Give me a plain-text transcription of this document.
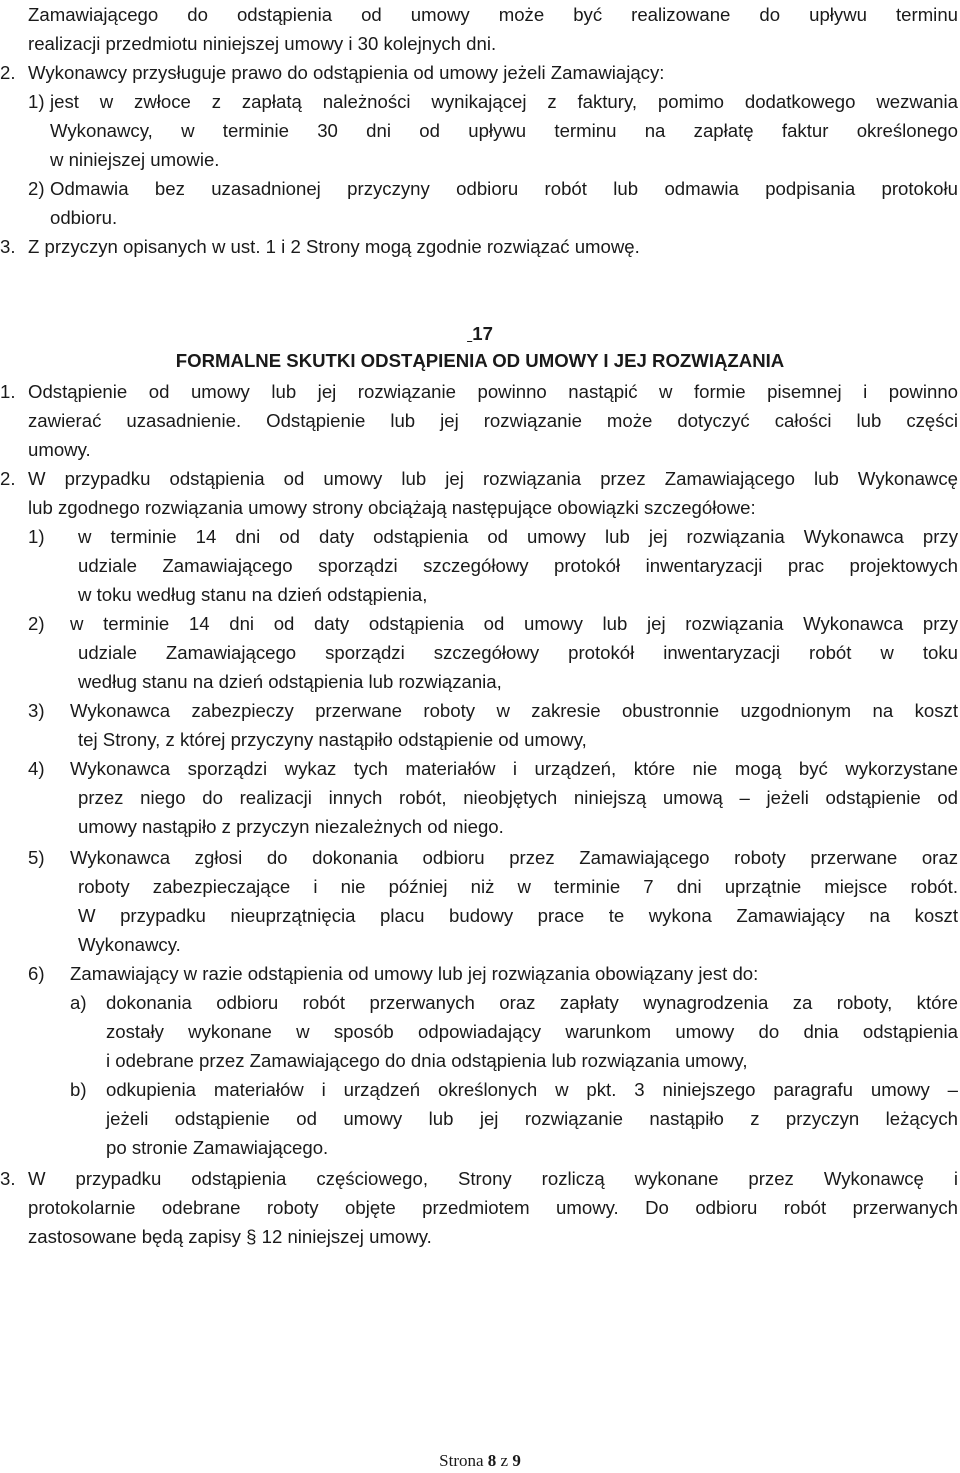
Zamawiającego do odstąpienia od umowy może być realizowane do upływu terminu
realizacji przedmiotu niniejszej umowy i 30 kolejnych dni.
2. Wykonawcy przysługuje prawo do odstąpienia od umowy jeżeli Zamawiający:
1) jest w zwłoce z zapłatą należności wynikającej z faktury, pomimo dodatkowego wezwania
Wykonawcy, w terminie 30 dni od upływu terminu na zapłatę faktur określonego
w niniejszej umowie.
2) Odmawia bez uzasadnionej przyczyny odbioru robót lub odmawia podpisania protokołu
odbioru.
3. Z przyczyn opisanych w ust. 1 i 2 Strony mogą zgodnie rozwiązać umowę.
17
FORMALNE SKUTKI ODSTĄPIENIA OD UMOWY I JEJ ROZWIĄZANIA
1. Odstąpienie od umowy lub jej rozwiązanie powinno nastąpić w formie pisemnej i powinno
zawierać uzasadnienie. Odstąpienie lub jej rozwiązanie może dotyczyć całości lub części
umowy.
2. W przypadku odstąpienia od umowy lub jej rozwiązania przez Zamawiającego lub Wykonawcę
lub zgodnego rozwiązania umowy strony obciążają następujące obowiązki szczegółowe:
1) w terminie 14 dni od daty odstąpienia od umowy lub jej rozwiązania Wykonawca przy
udziale Zamawiającego sporządzi szczegółowy protokół inwentaryzacji prac projektowych
w toku według stanu na dzień odstąpienia,
2) w terminie 14 dni od daty odstąpienia od umowy lub jej rozwiązania Wykonawca przy
udziale Zamawiającego sporządzi szczegółowy protokół inwentaryzacji robót w toku
według stanu na dzień odstąpienia lub rozwiązania,
3) Wykonawca zabezpieczy przerwane roboty w zakresie obustronnie uzgodnionym na koszt
tej Strony, z której przyczyny nastąpiło odstąpienie od umowy,
4) Wykonawca sporządzi wykaz tych materiałów i urządzeń, które nie mogą być wykorzystane
przez niego do realizacji innych robót, nieobjętych niniejszą umową – jeżeli odstąpienie od
umowy nastąpiło z przyczyn niezależnych od niego.
5) Wykonawca zgłosi do dokonania odbioru przez Zamawiającego roboty przerwane oraz
roboty zabezpieczające i nie później niż w terminie 7 dni uprzątnie miejsce robót.
W przypadku nieuprzątnięcia placu budowy prace te wykona Zamawiający na koszt
Wykonawcy.
6) Zamawiający w razie odstąpienia od umowy lub jej rozwiązania obowiązany jest do:
a) dokonania odbioru robót przerwanych oraz zapłaty wynagrodzenia za roboty, które
zostały wykonane w sposób odpowiadający warunkom umowy do dnia odstąpienia
i odebrane przez Zamawiającego do dnia odstąpienia lub rozwiązania umowy,
b) odkupienia materiałów i urządzeń określonych w pkt. 3 niniejszego paragrafu umowy –
jeżeli odstąpienie od umowy lub jej rozwiązanie nastąpiło z przyczyn leżących
po stronie Zamawiającego.
3. W przypadku odstąpienia częściowego, Strony rozliczą wykonane przez Wykonawcę i
protokolarnie odebrane roboty objęte przedmiotem umowy. Do odbioru robót przerwanych
zastosowane będą zapisy § 12 niniejszej umowy.
Strona 8 z 9
